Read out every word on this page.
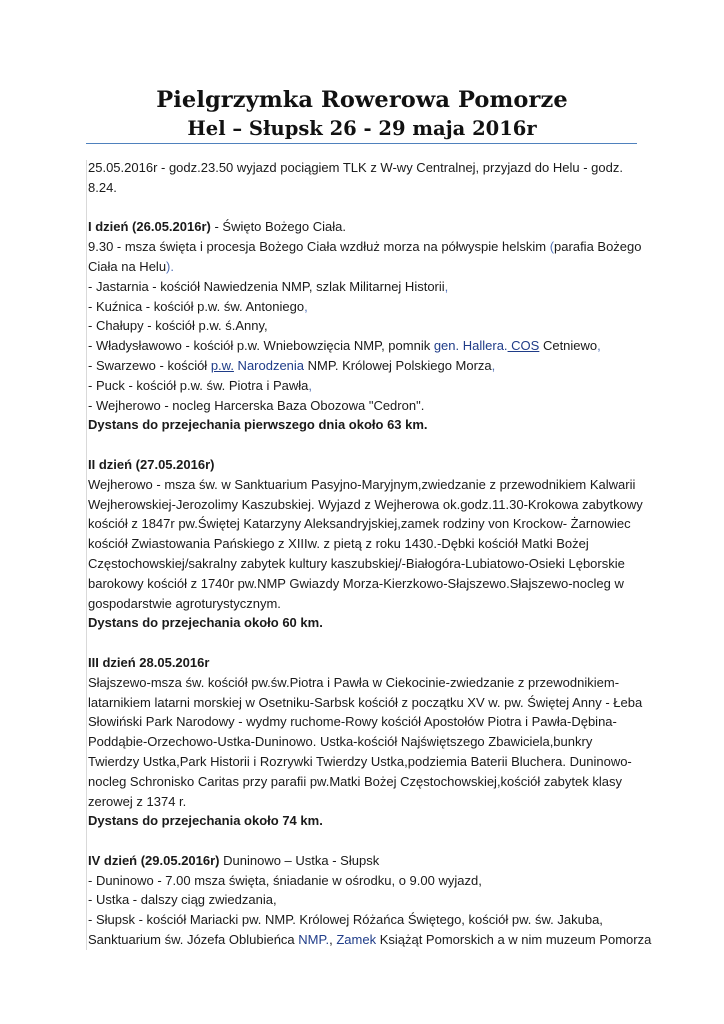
Pielgrzymka Rowerowa Pomorze
Hel – Słupsk 26 - 29 maja 2016r
25.05.2016r - godz.23.50 wyjazd pociągiem TLK z W-wy Centralnej, przyjazd do Helu - godz.
8.24.
I dzień (26.05.2016r) - Święto Bożego Ciała.
9.30 - msza święta i procesja Bożego Ciała wzdłuż morza na półwyspie helskim (parafia Bożego
Ciała na Helu).
- Jastarnia - kościół Nawiedzenia NMP, szlak Militarnej Historii,
- Kuźnica - kościół p.w. św. Antoniego,
- Chałupy - kościół p.w. ś.Anny,
- Władysławowo - kościół p.w. Wniebowzięcia NMP, pomnik gen. Hallera. COS Cetniewo,
- Swarzewo - kościół p.w. Narodzenia NMP. Królowej Polskiego Morza,
- Puck - kościół p.w. św. Piotra i Pawła,
- Wejherowo - nocleg Harcerska Baza Obozowa "Cedron".
Dystans do przejechania pierwszego dnia około 63 km.
II dzień (27.05.2016r)
Wejherowo - msza św. w Sanktuarium Pasyjno-Maryjnym,zwiedzanie z przewodnikiem Kalwarii
Wejherowskiej-Jerozolimy Kaszubskiej. Wyjazd z Wejherowa ok.godz.11.30-Krokowa zabytkowy
kościół z 1847r pw.Świętej Katarzyny Aleksandryjskiej,zamek rodziny von Krockow- Żarnowiec
kościół Zwiastowania Pańskiego z XIIIw. z pietą z roku 1430.-Dębki kościół Matki Bożej
Częstochowskiej/sakralny zabytek kultury kaszubskiej/-Białogóra-Lubiatowo-Osieki Lęborskie
barokowy kościół z 1740r pw.NMP Gwiazdy Morza-Kierzkowo-Słajszewo.Słajszewo-nocleg w
gospodarstwie agroturystycznym.
Dystans do przejechania około 60 km.
III dzień 28.05.2016r
Słajszewo-msza św. kościół pw.św.Piotra i Pawła w Ciekocinie-zwiedzanie z przewodnikiem-
latarnikiem latarni morskiej w Osetniku-Sarbsk kościół z początku XV w. pw. Świętej Anny - Łeba
Słowiński Park Narodowy - wydmy ruchome-Rowy kościół Apostołów Piotra i Pawła-Dębina-
Poddąbie-Orzechowo-Ustka-Duninowo. Ustka-kościół Najświętszego Zbawiciela,bunkry
Twierdzy Ustka,Park Historii i Rozrywki Twierdzy Ustka,podziemia Baterii Bluchera. Duninowo-
nocleg Schronisko Caritas przy parafii pw.Matki Bożej Częstochowskiej,kościół zabytek klasy
zerowej z 1374 r.
Dystans do przejechania około 74 km.
IV dzień (29.05.2016r) Duninowo – Ustka - Słupsk
- Duninowo - 7.00 msza święta, śniadanie w ośrodku, o 9.00 wyjazd,
- Ustka - dalszy ciąg zwiedzania,
- Słupsk - kościół Mariacki pw. NMP. Królowej Różańca Świętego, kościół pw. św. Jakuba,
Sanktuarium św. Józefa Oblubieńca NMP., Zamek Książąt Pomorskich a w nim muzeum Pomorza
